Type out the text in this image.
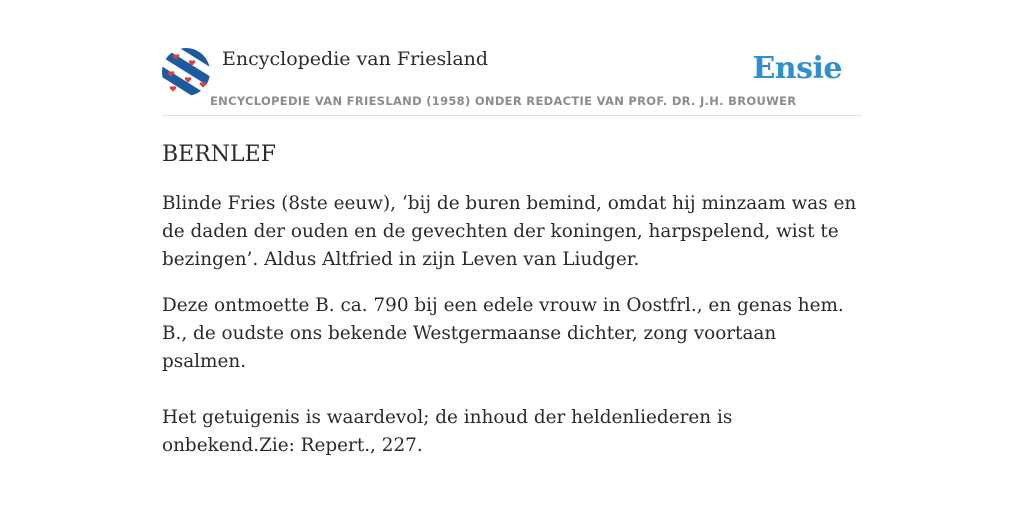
Encyclopedie van Friesland	Ensie
ENCYCLOPEDIE VAN FRIESLAND (1958) ONDER REDACTIE VAN PROF. DR. J.H. BROUWER
BERNLEF

Blinde Fries (8ste eeuw), ‘bij de buren bemind, omdat hij minzaam was en de daden der ouden en de gevechten der koningen, harpspelend, wist te bezingen’. Aldus Altfried in zijn Leven van Liudger.

Deze ontmoette B. ca. 790 bij een edele vrouw in Oostfrl., en genas hem. B., de oudste ons bekende Westgermaanse dichter, zong voortaan psalmen.

Het getuigenis is waardevol; de inhoud der heldenliederen is onbekend.Zie: Repert., 227.
